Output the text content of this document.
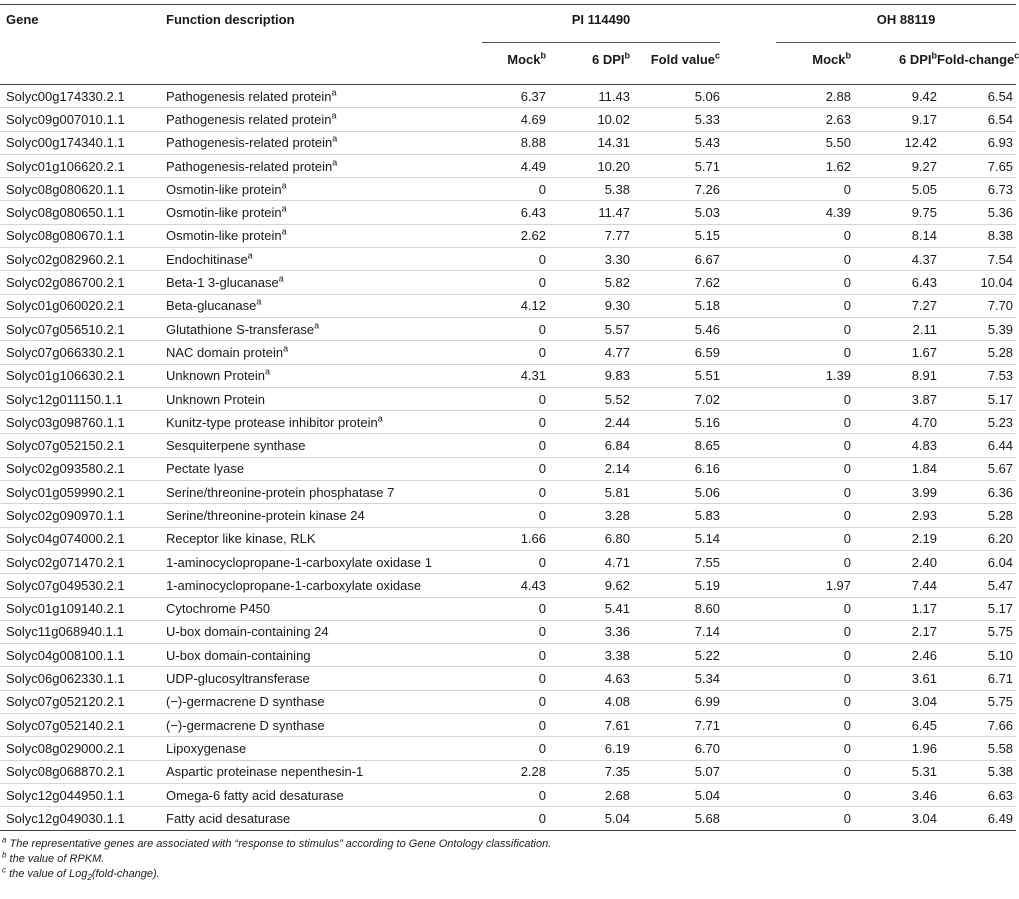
Gene	Function description	PI 114490				OH 88119		
		Mock$^b$	6 DPI$^b$	Fold value$^c$		Mock$^b$	6 DPI$^b$	Fold-change$^c$
Solyc00g174330.2.1	Pathogenesis related protein$^a$	6.37	11.43	5.06		2.88	9.42	6.54
Solyc09g007010.1.1	Pathogenesis related protein$^a$	4.69	10.02	5.33		2.63	9.17	6.54
Solyc00g174340.1.1	Pathogenesis-related protein$^a$	8.88	14.31	5.43		5.50	12.42	6.93
Solyc01g106620.2.1	Pathogenesis-related protein$^a$	4.49	10.20	5.71		1.62	9.27	7.65
Solyc08g080620.1.1	Osmotin-like protein$^a$	0	5.38	7.26		0	5.05	6.73
Solyc08g080650.1.1	Osmotin-like protein$^a$	6.43	11.47	5.03		4.39	9.75	5.36
Solyc08g080670.1.1	Osmotin-like protein$^a$	2.62	7.77	5.15		0	8.14	8.38
Solyc02g082960.2.1	Endochitinase$^a$	0	3.30	6.67		0	4.37	7.54
Solyc02g086700.2.1	Beta-1 3-glucanase$^a$	0	5.82	7.62		0	6.43	10.04
Solyc01g060020.2.1	Beta-glucanase$^a$	4.12	9.30	5.18		0	7.27	7.70
Solyc07g056510.2.1	Glutathione S-transferase$^a$	0	5.57	5.46		0	2.11	5.39
Solyc07g066330.2.1	NAC domain protein$^a$	0	4.77	6.59		0	1.67	5.28
Solyc01g106630.2.1	Unknown Protein$^a$	4.31	9.83	5.51		1.39	8.91	7.53
Solyc12g011150.1.1	Unknown Protein	0	5.52	7.02		0	3.87	5.17
Solyc03g098760.1.1	Kunitz-type protease inhibitor protein$^a$	0	2.44	5.16		0	4.70	5.23
Solyc07g052150.2.1	Sesquiterpene synthase	0	6.84	8.65		0	4.83	6.44
Solyc02g093580.2.1	Pectate lyase	0	2.14	6.16		0	1.84	5.67
Solyc01g059990.2.1	Serine/threonine-protein phosphatase 7	0	5.81	5.06		0	3.99	6.36
Solyc02g090970.1.1	Serine/threonine-protein kinase 24	0	3.28	5.83		0	2.93	5.28
Solyc04g074000.2.1	Receptor like kinase, RLK	1.66	6.80	5.14		0	2.19	6.20
Solyc02g071470.2.1	1-aminocyclopropane-1-carboxylate oxidase 1	0	4.71	7.55		0	2.40	6.04
Solyc07g049530.2.1	1-aminocyclopropane-1-carboxylate oxidase	4.43	9.62	5.19		1.97	7.44	5.47
Solyc01g109140.2.1	Cytochrome P450	0	5.41	8.60		0	1.17	5.17
Solyc11g068940.1.1	U-box domain-containing 24	0	3.36	7.14		0	2.17	5.75
Solyc04g008100.1.1	U-box domain-containing	0	3.38	5.22		0	2.46	5.10
Solyc06g062330.1.1	UDP-glucosyltransferase	0	4.63	5.34		0	3.61	6.71
Solyc07g052120.2.1	(−)-germacrene D synthase	0	4.08	6.99		0	3.04	5.75
Solyc07g052140.2.1	(−)-germacrene D synthase	0	7.61	7.71		0	6.45	7.66
Solyc08g029000.2.1	Lipoxygenase	0	6.19	6.70		0	1.96	5.58
Solyc08g068870.2.1	Aspartic proteinase nepenthesin-1	2.28	7.35	5.07		0	5.31	5.38
Solyc12g044950.1.1	Omega-6 fatty acid desaturase	0	2.68	5.04		0	3.46	6.63
Solyc12g049030.1.1	Fatty acid desaturase	0	5.04	5.68		0	3.04	6.49
$^a$ The representative genes are associated with “response to stimulus” according to Gene Ontology classification.
$^b$ the value of RPKM.
$^c$ the value of Log$_2$(fold-change).
